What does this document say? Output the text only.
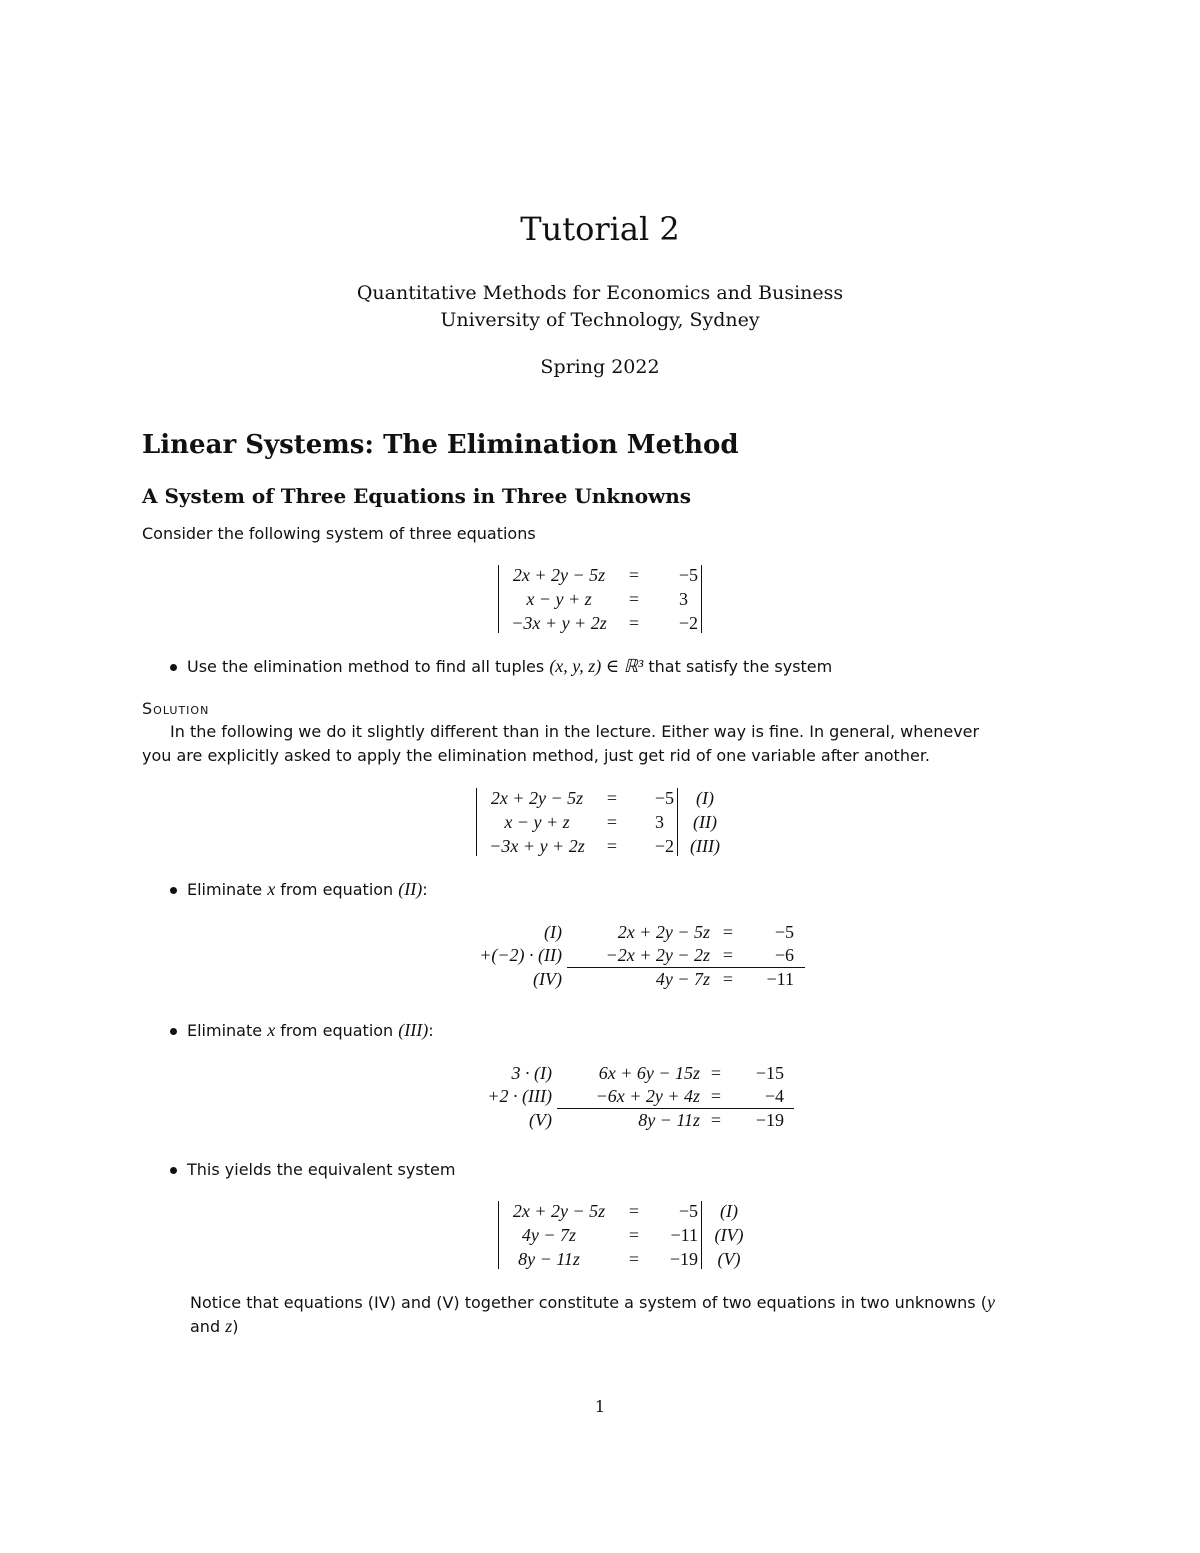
Tutorial 2
Quantitative Methods for Economics and Business
University of Technology, Sydney
Spring 2022
Linear Systems: The Elimination Method
A System of Three Equations in Three Unknowns
Consider the following system of three equations
2x + 2y − 5z	=	−5
x − y + z	=	3
−3x + y + 2z	=	−2
Use the elimination method to find all tuples (x, y, z) ∈ ℝ³ that satisfy the system
Solution
In the following we do it slightly different than in the lecture. Either way is fine. In general, whenever
you are explicitly asked to apply the elimination method, just get rid of one variable after another.
2x + 2y − 5z	=	−5	(I)
x − y + z	=	3	(II)
−3x + y + 2z	=	−2 (III)
Eliminate x from equation (II):
(I)	2x + 2y − 5z =	−5
+(−2) · (II)	−2x + 2y − 2z =	−6
(IV)	4y − 7z =	−11
Eliminate x from equation (III):
3 · (I)	6x + 6y − 15z =	−15
+2 · (III)	−6x + 2y + 4z =	−4
(V)	8y − 11z =	−19
This yields the equivalent system
2x + 2y − 5z	=	−5	(I)
4y − 7z	=	−11 (IV)
8y − 11z	=	−19	(V)
Notice that equations (IV) and (V) together constitute a system of two equations in two unknowns (y
and z)
1
